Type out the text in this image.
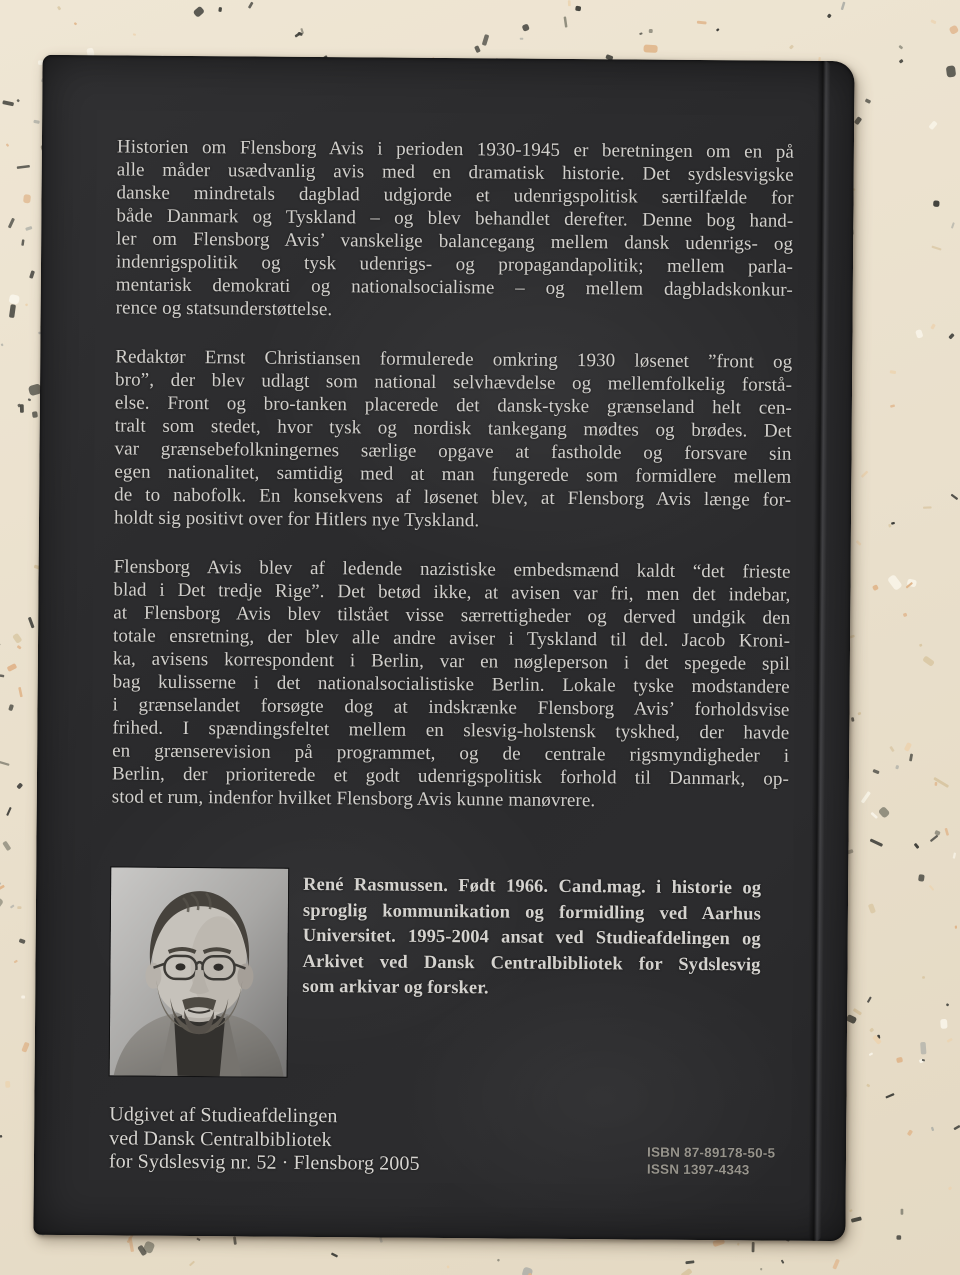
Historien om Flensborg Avis i perioden 1930-1945 er beretningen om en på
alle måder usædvanlig avis med en dramatisk historie. Det sydslesvigske
danske mindretals dagblad udgjorde et udenrigspolitisk særtilfælde for
både Danmark og Tyskland – og blev behandlet derefter. Denne bog hand-
ler om Flensborg Avis’ vanskelige balancegang mellem dansk udenrigs- og
indenrigspolitik og tysk udenrigs- og propagandapolitik; mellem parla-
mentarisk demokrati og nationalsocialisme – og mellem dagbladskonkur-
rence og statsunderstøttelse.
Redaktør Ernst Christiansen formulerede omkring 1930 løsenet ”front og
bro”, der blev udlagt som national selvhævdelse og mellemfolkelig forstå-
else. Front og bro-tanken placerede det dansk-tyske grænseland helt cen-
tralt som stedet, hvor tysk og nordisk tankegang mødtes og brødes. Det
var grænsebefolkningernes særlige opgave at fastholde og forsvare sin
egen nationalitet, samtidig med at man fungerede som formidlere mellem
de to nabofolk. En konsekvens af løsenet blev, at Flensborg Avis længe for-
holdt sig positivt over for Hitlers nye Tyskland.
Flensborg Avis blev af ledende nazistiske embedsmænd kaldt “det frieste
blad i Det tredje Rige”. Det betød ikke, at avisen var fri, men det indebar,
at Flensborg Avis blev tilstået visse særrettigheder og derved undgik den
totale ensretning, der blev alle andre aviser i Tyskland til del. Jacob Kroni-
ka, avisens korrespondent i Berlin, var en nøgleperson i det spegede spil
bag kulisserne i det nationalsocialistiske Berlin. Lokale tyske modstandere
i grænselandet forsøgte dog at indskrænke Flensborg Avis’ forholdsvise
frihed. I spændingsfeltet mellem en slesvig-holstensk tyskhed, der havde
en grænserevision på programmet, og de centrale rigsmyndigheder i
Berlin, der prioriterede et godt udenrigspolitisk forhold til Danmark, op-
stod et rum, indenfor hvilket Flensborg Avis kunne manøvrere.
René Rasmussen. Født 1966. Cand.mag. i historie og
sproglig kommunikation og formidling ved Aarhus
Universitet. 1995-2004 ansat ved Studieafdelingen og
Arkivet ved Dansk Centralbibliotek for Sydslesvig
som arkivar og forsker.
Udgivet af Studieafdelingen
ved Dansk Centralbibliotek
for Sydslesvig nr. 52 · Flensborg 2005	ISBN 87-89178-50-5
ISSN 1397-4343
